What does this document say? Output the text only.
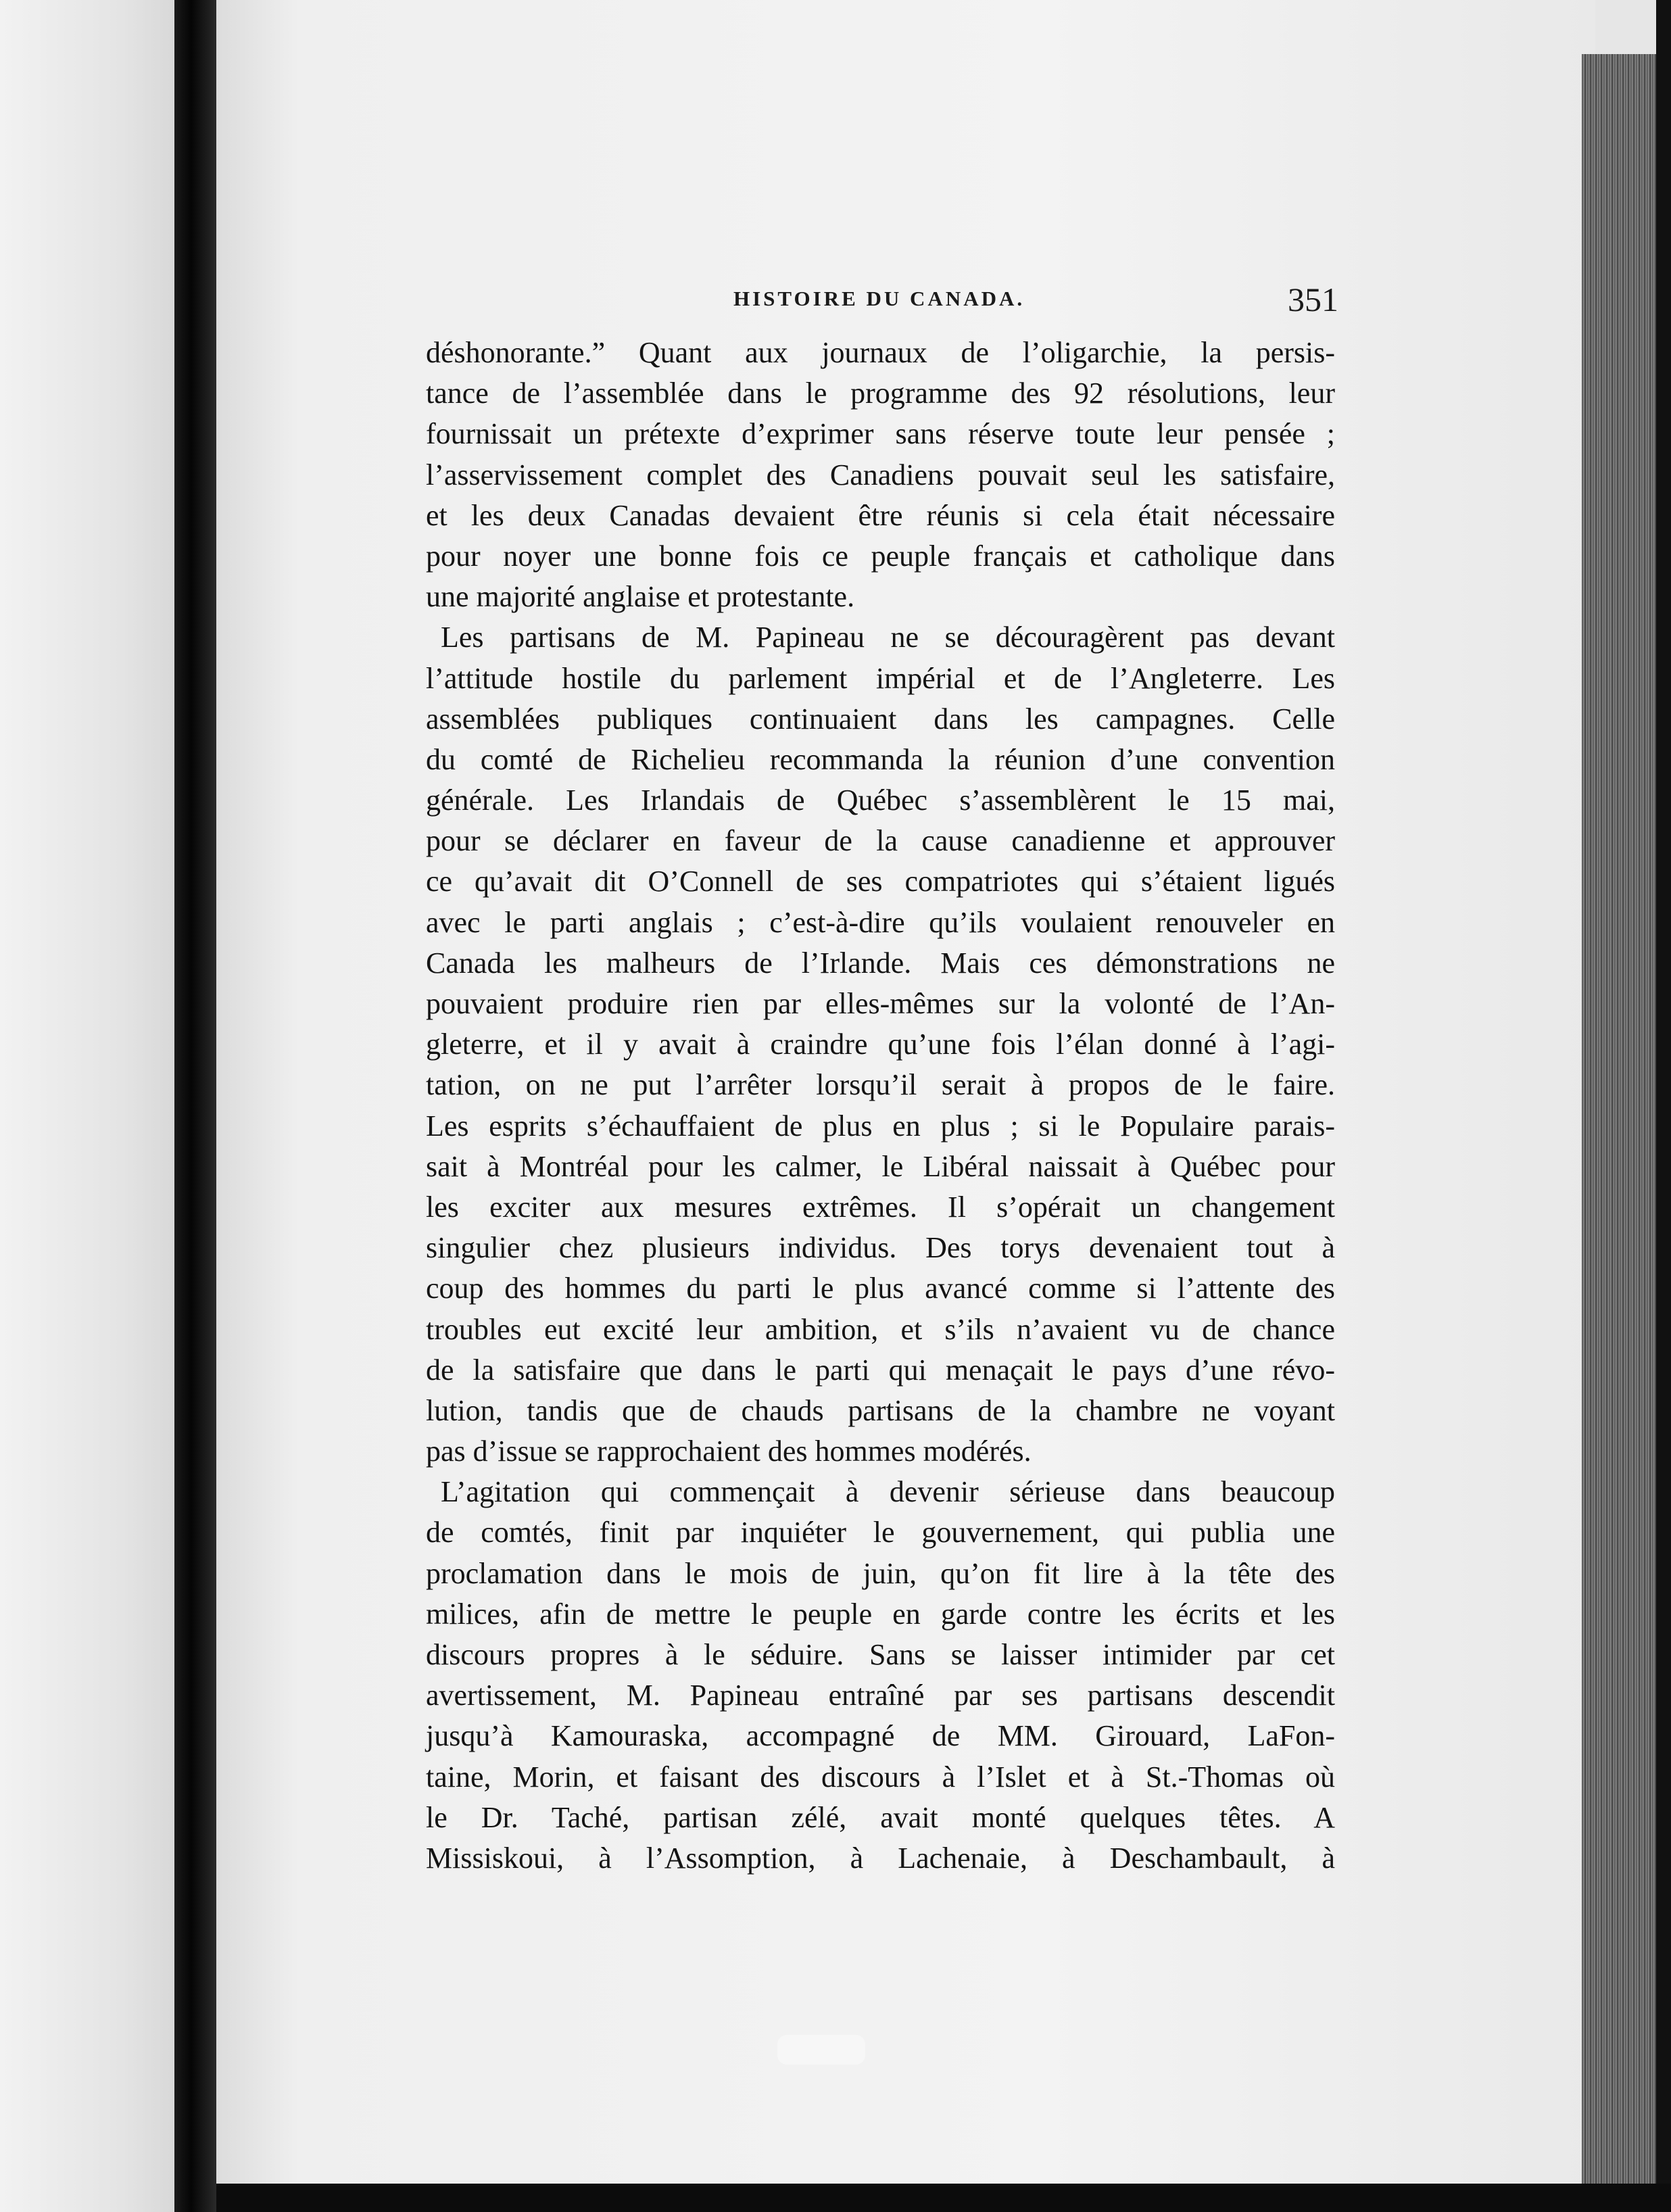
HISTOIRE DU CANADA.	351
déshonorante.” Quant aux journaux de l’oligarchie, la persis-
tance de l’assemblée dans le programme des 92 résolutions, leur
fournissait un prétexte d’exprimer sans réserve toute leur pensée ;
l’asservissement complet des Canadiens pouvait seul les satisfaire,
et les deux Canadas devaient être réunis si cela était nécessaire
pour noyer une bonne fois ce peuple français et catholique dans
une majorité anglaise et protestante.
Les partisans de M. Papineau ne se découragèrent pas devant
l’attitude hostile du parlement impérial et de l’Angleterre. Les
assemblées publiques continuaient dans les campagnes. Celle
du comté de Richelieu recommanda la réunion d’une convention
générale. Les Irlandais de Québec s’assemblèrent le 15 mai,
pour se déclarer en faveur de la cause canadienne et approuver
ce qu’avait dit O’Connell de ses compatriotes qui s’étaient ligués
avec le parti anglais ; c’est-à-dire qu’ils voulaient renouveler en
Canada les malheurs de l’Irlande. Mais ces démonstrations ne
pouvaient produire rien par elles-mêmes sur la volonté de l’An-
gleterre, et il y avait à craindre qu’une fois l’élan donné à l’agi-
tation, on ne put l’arrêter lorsqu’il serait à propos de le faire.
Les esprits s’échauffaient de plus en plus ; si le Populaire parais-
sait à Montréal pour les calmer, le Libéral naissait à Québec pour
les exciter aux mesures extrêmes. Il s’opérait un changement
singulier chez plusieurs individus. Des torys devenaient tout à
coup des hommes du parti le plus avancé comme si l’attente des
troubles eut excité leur ambition, et s’ils n’avaient vu de chance
de la satisfaire que dans le parti qui menaçait le pays d’une révo-
lution, tandis que de chauds partisans de la chambre ne voyant
pas d’issue se rapprochaient des hommes modérés.
L’agitation qui commençait à devenir sérieuse dans beaucoup
de comtés, finit par inquiéter le gouvernement, qui publia une
proclamation dans le mois de juin, qu’on fit lire à la tête des
milices, afin de mettre le peuple en garde contre les écrits et les
discours propres à le séduire. Sans se laisser intimider par cet
avertissement, M. Papineau entraîné par ses partisans descendit
jusqu’à Kamouraska, accompagné de MM. Girouard, LaFon-
taine, Morin, et faisant des discours à l’Islet et à St.-Thomas où
le Dr. Taché, partisan zélé, avait monté quelques têtes. A
Missiskoui, à l’Assomption, à Lachenaie, à Deschambault, à
